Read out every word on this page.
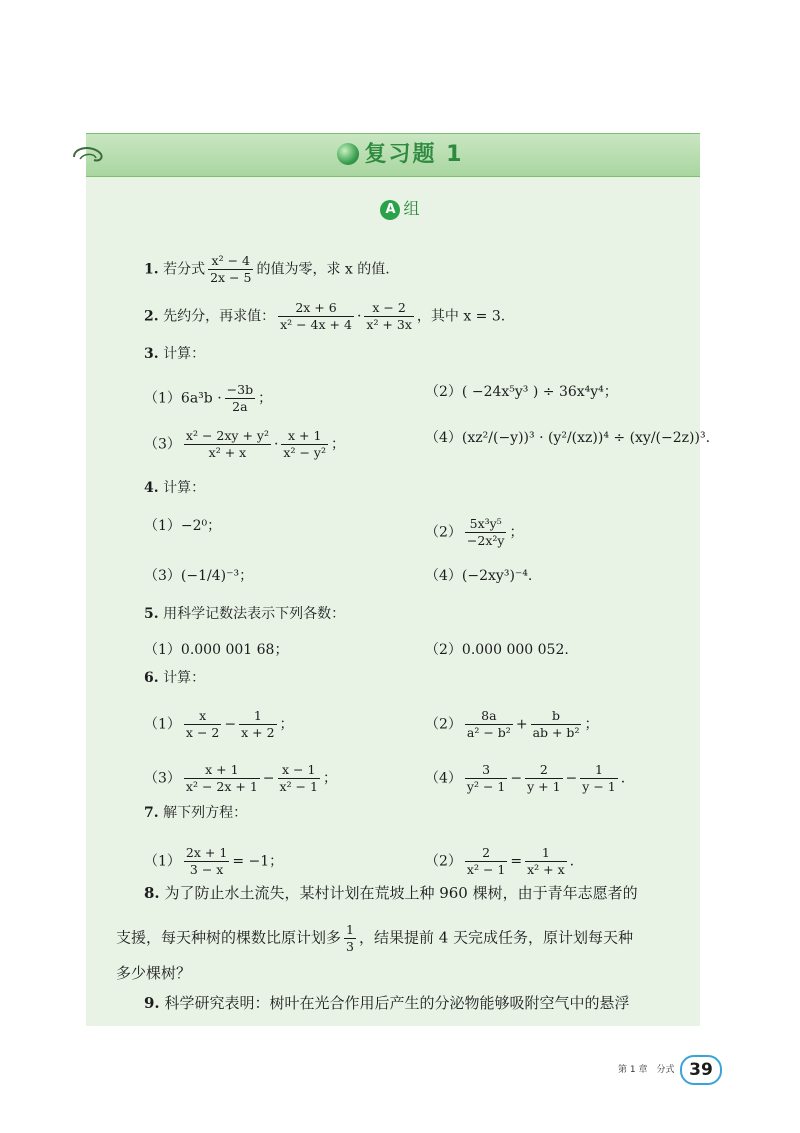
复习题 1
A 组
1. 若分式 $\frac{\text{x² − 4}}{2x - 5}$ 的值为零，求 x 的值.
2. 先约分，再求值： $\frac{2x + 6}{\text{x² − 4x + 4}} \cdot \frac{x - 2}{\text{x² + 3x}}$ ，其中 x = 3.
3. 计算：
$(1)6a^3b \cdot \frac{-3b}{2a}$ ；	（2）( −24x⁵y³ ) ÷ 36x⁴y⁴；
$(3) \frac{\text{x² − 2xy + y²}}{\text{x² + x}} \cdot \frac{x + 1}{\text{x² − y²}}$ ；	（4）(xz²/(−y))³ · (y²/(xz))⁴ ÷ (xy/(−2z))³.
4. 计算：
（1）−2⁰；	$(2) \frac{\text{5x³y⁵}}{\text{−2x²y}}$ ；
（3）(−1/4)⁻³；	（4）(−2xy³)⁻⁴.
5. 用科学记数法表示下列各数：
（1）0.000 001 68；	（2）0.000 000 052.
6. 计算：
$(1) \frac{x}{x - 2} - \frac{1}{x + 2}$ ；	$(2) \frac{8a}{\text{a² − b²}} + \frac{b}{\text{ab + b²}}$ ；
$(3) \frac{x + 1}{\text{x² − 2x + 1}} - \frac{x - 1}{\text{x² − 1}}$ ；	$(4) \frac{3}{\text{y² − 1}} - \frac{2}{y + 1} - \frac{1}{y - 1}$ .
7. 解下列方程：
$(1) \frac{2x + 1}{3 - x} = -1$；	$(2) \frac{2}{\text{x² − 1}} = \frac{1}{\text{x² + x}}$ .
8. 为了防止水土流失，某村计划在荒坡上种 960 棵树，由于青年志愿者的
支援，每天种树的棵数比原计划多 $\frac{1}{3}$ ，结果提前 4 天完成任务，原计划每天种
多少棵树？
9. 科学研究表明：树叶在光合作用后产生的分泌物能够吸附空气中的悬浮
第 1 章　分式 39
